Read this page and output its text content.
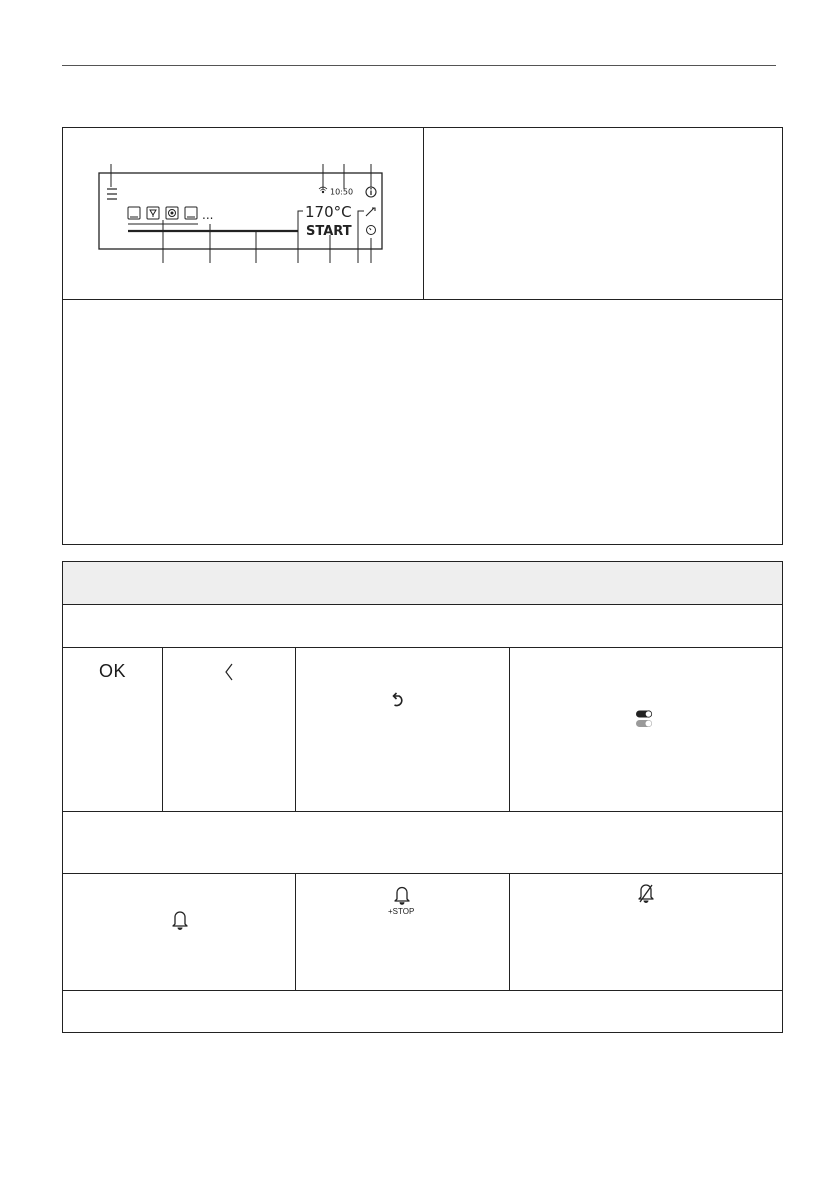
10:50
...	170°C
START
OK
+STOP
